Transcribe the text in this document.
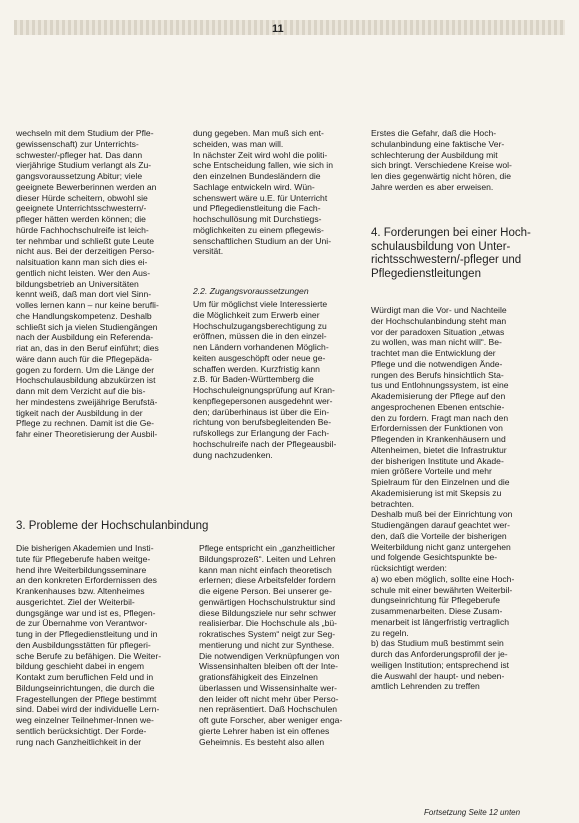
11

wechseln mit dem Studium der Pfle-
gewissenschaft) zur Unterrichts-
schwester/-pfleger hat. Das dann
vierjährige Studium verlangt als Zu-
gangsvoraussetzung Abitur; viele
geeignete Bewerberinnen werden an
dieser Hürde scheitern, obwohl sie
geeignete Unterrichtsschwestern/-
pfleger hätten werden können; die
hürde Fachhochschulreife ist leich-
ter nehmbar und schließt gute Leute
nicht aus. Bei der derzeitigen Perso-
nalsituation kann man sich dies ei-
gentlich nicht leisten. Wer den Aus-
bildungsbetrieb an Universitäten
kennt weiß, daß man dort viel Sinn-
volles lernen kann – nur keine berufli-
che Handlungskompetenz. Deshalb
schließt sich ja vielen Studiengängen
nach der Ausbildung ein Referenda-
riat an, das in den Beruf einführt; dies
wäre dann auch für die Pflegepäda-
gogen zu fordern. Um die Länge der
Hochschulausbildung abzukürzen ist
dann mit dem Verzicht auf die bis-
her mindestens zweijährige Berufstä-
tigkeit nach der Ausbildung in der
Pflege zu rechnen. Damit ist die Ge-
fahr einer Theoretisierung der Ausbil-

dung gegeben. Man muß sich ent-
scheiden, was man will.
In nächster Zeit wird wohl die politi-
sche Entscheidung fallen, wie sich in
den einzelnen Bundesländern die
Sachlage entwickeln wird. Wün-
schenswert wäre u.E. für Unterricht
und Pflegedienstleitung die Fach-
hochschullösung mit Durchstiegs-
möglichkeiten zu einem pflegewis-
senschaftlichen Studium an der Uni-
versität.

2.2. Zugangsvoraussetzungen

Um für möglichst viele Interessierte
die Möglichkeit zum Erwerb einer
Hochschulzugangsberechtigung zu
eröffnen, müssen die in den einzel-
nen Ländern vorhandenen Möglich-
keiten ausgeschöpft oder neue ge-
schaffen werden. Kurzfristig kann
z.B. für Baden-Württemberg die
Hochschuleignungsprüfung auf Kran-
kenpflegepersonen ausgedehnt wer-
den; darüberhinaus ist über die Ein-
richtung von berufsbegleitenden Be-
rufskollegs zur Erlangung der Fach-
hochschulreife nach der Pflegeausbil-
dung nachzudenken.

Erstes die Gefahr, daß die Hoch-
schulanbindung eine faktische Ver-
schlechterung der Ausbildung mit
sich bringt. Verschiedene Kreise wol-
len dies gegenwärtig nicht hören, die
Jahre werden es aber erweisen.

4. Forderungen bei einer Hoch-
schulausbildung von Unter-
richtsschwestern/-pfleger und
Pflegedienstleitungen

Würdigt man die Vor- und Nachteile
der Hochschulanbindung steht man
vor der paradoxen Situation „etwas
zu wollen, was man nicht will“. Be-
trachtet man die Entwicklung der
Pflege und die notwendigen Ände-
rungen des Berufs hinsichtlich Sta-
tus und Entlohnungssystem, ist eine
Akademisierung der Pflege auf den
angesprochenen Ebenen entschie-
den zu fordern. Fragt man nach den
Erfordernissen der Funktionen von
Pflegenden in Krankenhäusern und
Altenheimen, bietet die Infrastruktur
der bisherigen Institute und Akade-
mien größere Vorteile und mehr
Spielraum für den Einzelnen und die
Akademisierung ist mit Skepsis zu
betrachten.
Deshalb muß bei der Einrichtung von
Studiengängen darauf geachtet wer-
den, daß die Vorteile der bisherigen
Weiterbildung nicht ganz untergehen
und folgende Gesichtspunkte be-
rücksichtigt werden:
a) wo eben möglich, sollte eine Hoch-
schule mit einer bewährten Weiterbil-
dungseinrichtung für Pflegeberufe
zusammenarbeiten. Diese Zusam-
menarbeit ist längerfristig vertraglich
zu regeln.
b) das Studium muß bestimmt sein
durch das Anforderungsprofil der je-
weiligen Institution; entsprechend ist
die Auswahl der haupt- und neben-
amtlich Lehrenden zu treffen

3. Probleme der Hochschulanbindung

Die bisherigen Akademien und Insti-
tute für Pflegeberufe haben weitge-
hend ihre Weiterbildungsseminare
an den konkreten Erfordernissen des
Krankenhauses bzw. Altenheimes
ausgerichtet. Ziel der Weiterbil-
dungsgänge war und ist es, Pflegen-
de zur Übernahme von Verantwor-
tung in der Pflegedienstleitung und in
den Ausbildungsstätten für pflegeri-
sche Berufe zu befähigen. Die Weiter-
bildung geschieht dabei in engem
Kontakt zum beruflichen Feld und in
Bildungseinrichtungen, die durch die
Fragestellungen der Pflege bestimmt
sind. Dabei wird der individuelle Lern-
weg einzelner Teilnehmer-Innen we-
sentlich berücksichtigt. Der Forde-
rung nach Ganzheitlichkeit in der

Pflege entspricht ein „ganzheitlicher
Bildungsprozeß“. Leiten und Lehren
kann man nicht einfach theoretisch
erlernen; diese Arbeitsfelder fordern
die eigene Person. Bei unserer ge-
genwärtigen Hochschulstruktur sind
diese Bildungsziele nur sehr schwer
realisierbar. Die Hochschule als „bü-
rokratisches System“ neigt zur Seg-
mentierung und nicht zur Synthese.
Die notwendigen Verknüpfungen von
Wissensinhalten bleiben oft der Inte-
grationsfähigkeit des Einzelnen
überlassen und Wissensinhalte wer-
den leider oft nicht mehr über Perso-
nen repräsentiert. Daß Hochschulen
oft gute Forscher, aber weniger enga-
gierte Lehrer haben ist ein offenes
Geheimnis. Es besteht also allen

Fortsetzung Seite 12 unten
